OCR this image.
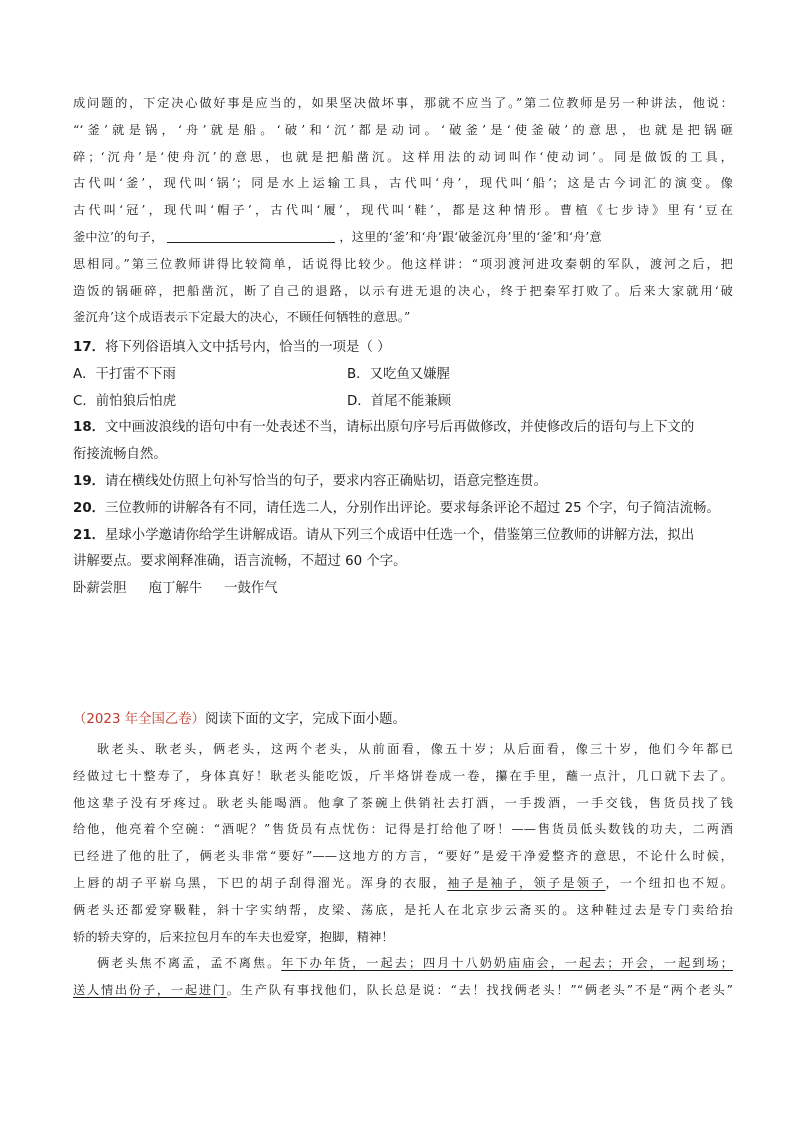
成问题的，下定决心做好事是应当的，如果坚决做坏事，那就不应当了。”第二位教师是另一种讲法，他说：
“‘釜’就是锅，‘舟’就是船。‘破’和‘沉’都是动词。‘破釜’是‘使釜破’的意思，也就是把锅砸
碎；‘沉舟’是‘使舟沉’的意思，也就是把船凿沉。这样用法的动词叫作‘使动词’。同是做饭的工具，
古代叫‘釜’，现代叫‘锅’；同是水上运输工具，古代叫‘舟’，现代叫‘船’；这是古今词汇的演变。像
古代叫‘冠’，现代叫‘帽子’，古代叫‘履’，现代叫‘鞋’，都是这种情形。曹植《七步诗》里有‘豆在
釜中泣’的句子，	，这里的‘釜’和‘舟’跟‘破釜沉舟’里的‘釜’和‘舟’意
思相同。”第三位教师讲得比较简单，话说得比较少。他这样讲：“项羽渡河进攻秦朝的军队，渡河之后，把
造饭的锅砸碎，把船凿沉，断了自己的退路，以示有进无退的决心，终于把秦军打败了。后来大家就用‘破
釜沉舟’这个成语表示下定最大的决心，不顾任何牺牲的意思。”
17．将下列俗语填入文中括号内，恰当的一项是（ ）
A．干打雷不下雨	B．又吃鱼又嫌腥
C．前怕狼后怕虎	D．首尾不能兼顾
18．文中画波浪线的语句中有一处表述不当，请标出原句序号后再做修改，并使修改后的语句与上下文的
衔接流畅自然。
19．请在横线处仿照上句补写恰当的句子，要求内容正确贴切，语意完整连贯。
20．三位教师的讲解各有不同，请任选二人，分别作出评论。要求每条评论不超过 25 个字，句子简洁流畅。
21．星球小学邀请你给学生讲解成语。请从下列三个成语中任选一个，借鉴第三位教师的讲解方法，拟出
讲解要点。要求阐释准确，语言流畅，不超过 60 个字。
卧薪尝胆 庖丁解牛 一鼓作气
（2023 年全国乙卷）阅读下面的文字，完成下面小题。
耿老头、耿老头，俩老头，这两个老头，从前面看，像五十岁；从后面看，像三十岁，他们今年都已
经做过七十整寿了，身体真好！耿老头能吃饭，斤半烙饼卷成一卷，攥在手里，蘸一点汁，几口就下去了。
他这辈子没有牙疼过。耿老头能喝酒。他拿了茶碗上供销社去打酒，一手拨酒，一手交钱，售货员找了钱
给他，他亮着个空碗：“酒呢？”售货员有点忧伤：记得是打给他了呀！——售货员低头数钱的功夫，二两酒
已经进了他的肚了，俩老头非常“要好”——这地方的方言，“要好”是爱干净爱整齐的意思，不论什么时候，
上唇的胡子平崭乌黑，下巴的胡子刮得溜光。浑身的衣服，袖子是袖子，领子是领子，一个纽扣也不短。
俩老头还都爱穿靸鞋，斜十字实纳帮，皮梁、荡底，是托人在北京步云斋买的。这种鞋过去是专门卖给抬
轿的轿夫穿的，后来拉包月车的车夫也爱穿，抱脚，精神！
俩老头焦不离孟，孟不离焦。年下办年货，一起去；四月十八奶奶庙庙会，一起去；开会，一起到场；
送人情出份子，一起进门。生产队有事找他们，队长总是说：“去！找找俩老头！”“俩老头”不是“两个老头”
